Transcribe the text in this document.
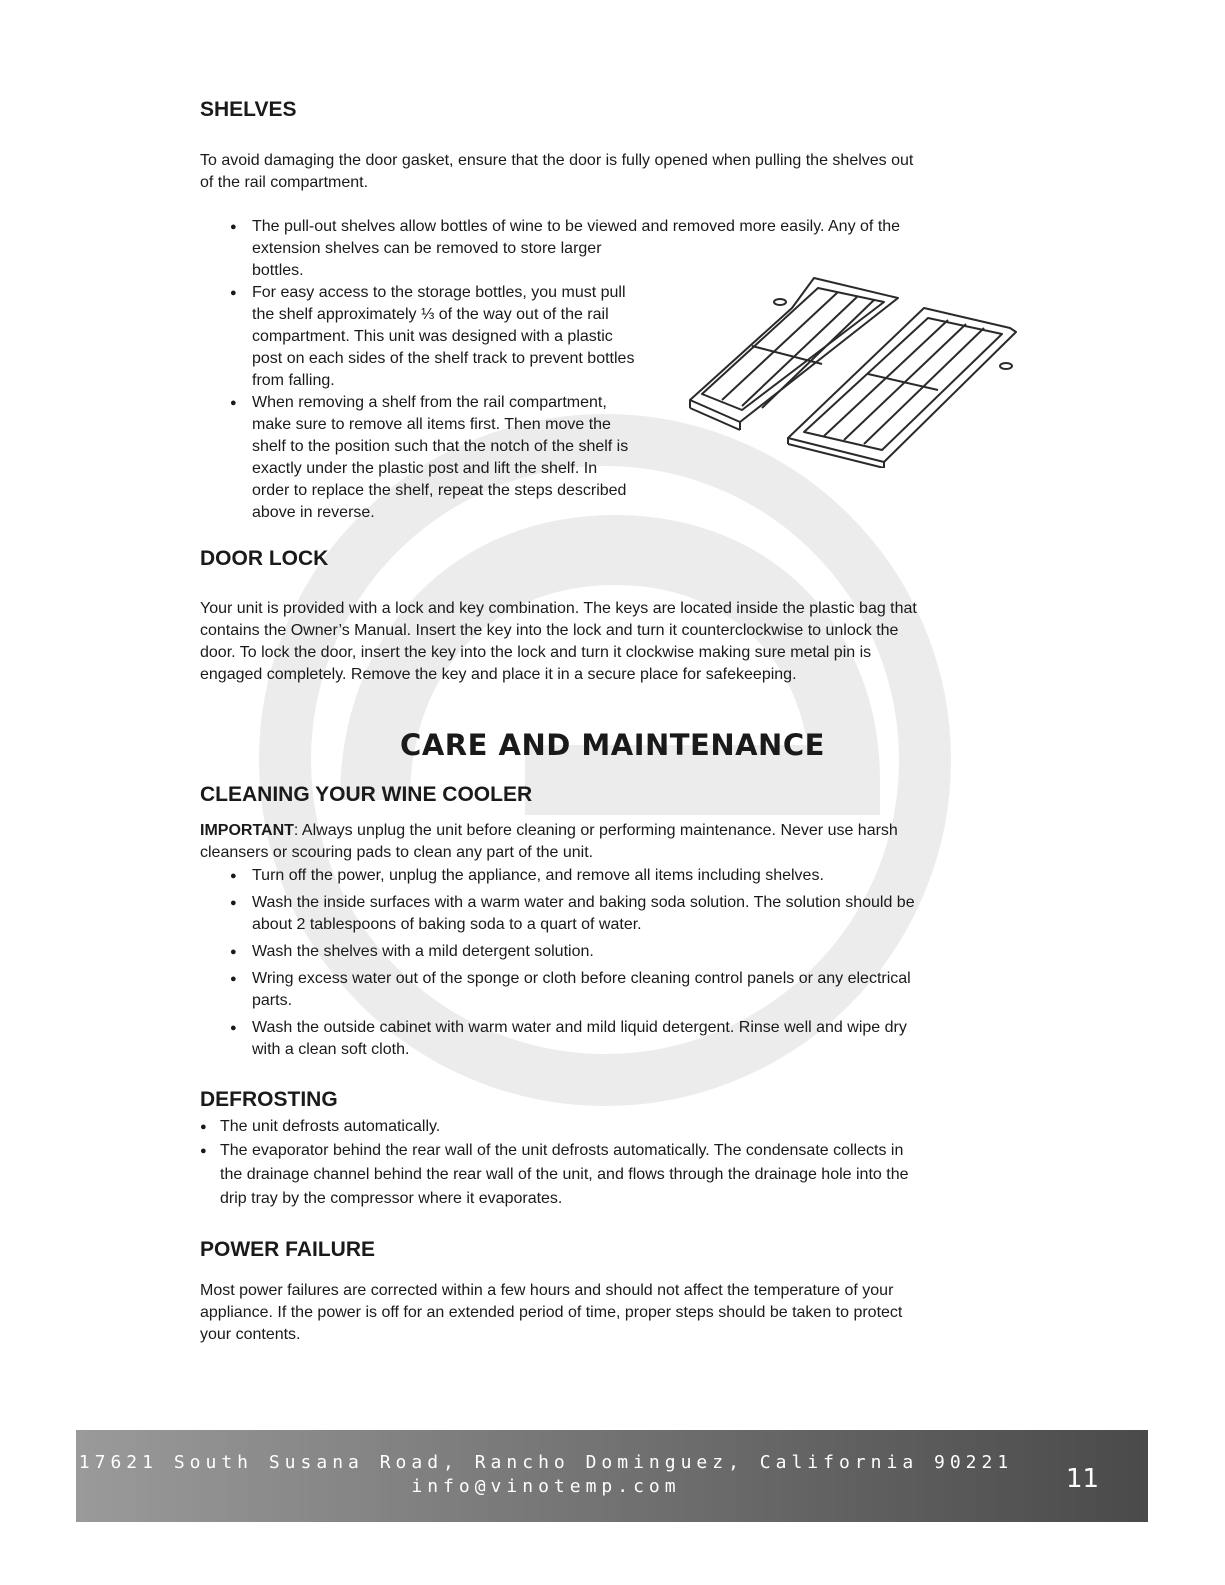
SHELVES
To avoid damaging the door gasket, ensure that the door is fully opened when pulling the shelves out
of the rail compartment.
● The pull-out shelves allow bottles of wine to be viewed and removed more easily. Any of the
extension shelves can be removed to store larger
bottles.
● For easy access to the storage bottles, you must pull
the shelf approximately ⅓ of the way out of the rail
compartment. This unit was designed with a plastic
post on each sides of the shelf track to prevent bottles
from falling.
● When removing a shelf from the rail compartment,
make sure to remove all items first. Then move the
shelf to the position such that the notch of the shelf is
exactly under the plastic post and lift the shelf. In
order to replace the shelf, repeat the steps described
above in reverse.
DOOR LOCK
Your unit is provided with a lock and key combination. The keys are located inside the plastic bag that
contains the Owner’s Manual. Insert the key into the lock and turn it counterclockwise to unlock the
door. To lock the door, insert the key into the lock and turn it clockwise making sure metal pin is
engaged completely. Remove the key and place it in a secure place for safekeeping.
CLEANING YOUR WINE COOLER
IMPORTANT: Always unplug the unit before cleaning or performing maintenance. Never use harsh
cleansers or scouring pads to clean any part of the unit.
● Turn off the power, unplug the appliance, and remove all items including shelves.
● Wash the inside surfaces with a warm water and baking soda solution. The solution should be
about 2 tablespoons of baking soda to a quart of water.
● Wash the shelves with a mild detergent solution.
● Wring excess water out of the sponge or cloth before cleaning control panels or any electrical
parts.
● Wash the outside cabinet with warm water and mild liquid detergent. Rinse well and wipe dry
with a clean soft cloth.
DEFROSTING
● The unit defrosts automatically.
● The evaporator behind the rear wall of the unit defrosts automatically. The condensate collects in
the drainage channel behind the rear wall of the unit, and flows through the drainage hole into the
drip tray by the compressor where it evaporates.
POWER FAILURE
Most power failures are corrected within a few hours and should not affect the temperature of your
appliance. If the power is off for an extended period of time, proper steps should be taken to protect
your contents.
CARE AND MAINTENANCE
17621 South Susana Road, Rancho Dominguez, California 90221
info@vinotemp.com	11
